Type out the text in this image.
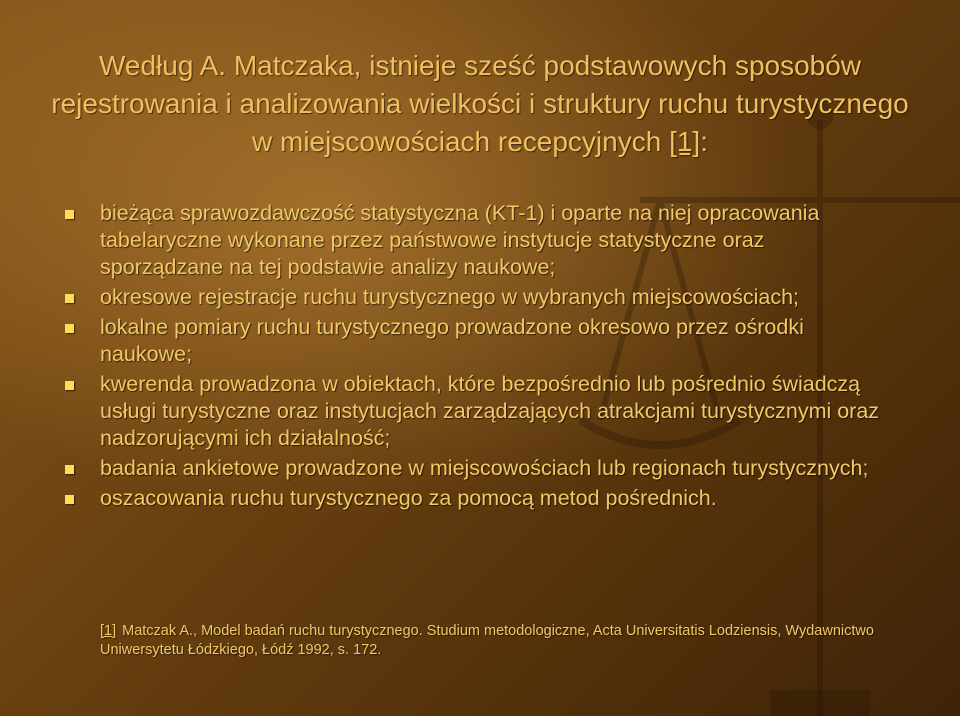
Według A. Matczaka, istnieje sześć podstawowych sposobów rejestrowania i analizowania wielkości i struktury ruchu turystycznego w miejscowościach recepcyjnych [1]:
bieżąca sprawozdawczość statystyczna (KT-1) i oparte na niej opracowania tabelaryczne wykonane przez państwowe instytucje statystyczne oraz sporządzane na tej podstawie analizy naukowe;
okresowe rejestracje ruchu turystycznego w wybranych miejscowościach;
lokalne pomiary ruchu turystycznego prowadzone okresowo przez ośrodki naukowe;
kwerenda prowadzona w obiektach, które bezpośrednio lub pośrednio świadczą usługi turystyczne oraz instytucjach zarządzających atrakcjami turystycznymi oraz nadzorującymi ich działalność;
badania ankietowe prowadzone w miejscowościach lub regionach turystycznych;
oszacowania ruchu turystycznego za pomocą metod pośrednich.
[1] Matczak A., Model badań ruchu turystycznego. Studium metodologiczne, Acta Universitatis Lodziensis, Wydawnictwo Uniwersytetu Łódzkiego, Łódź 1992, s. 172.
